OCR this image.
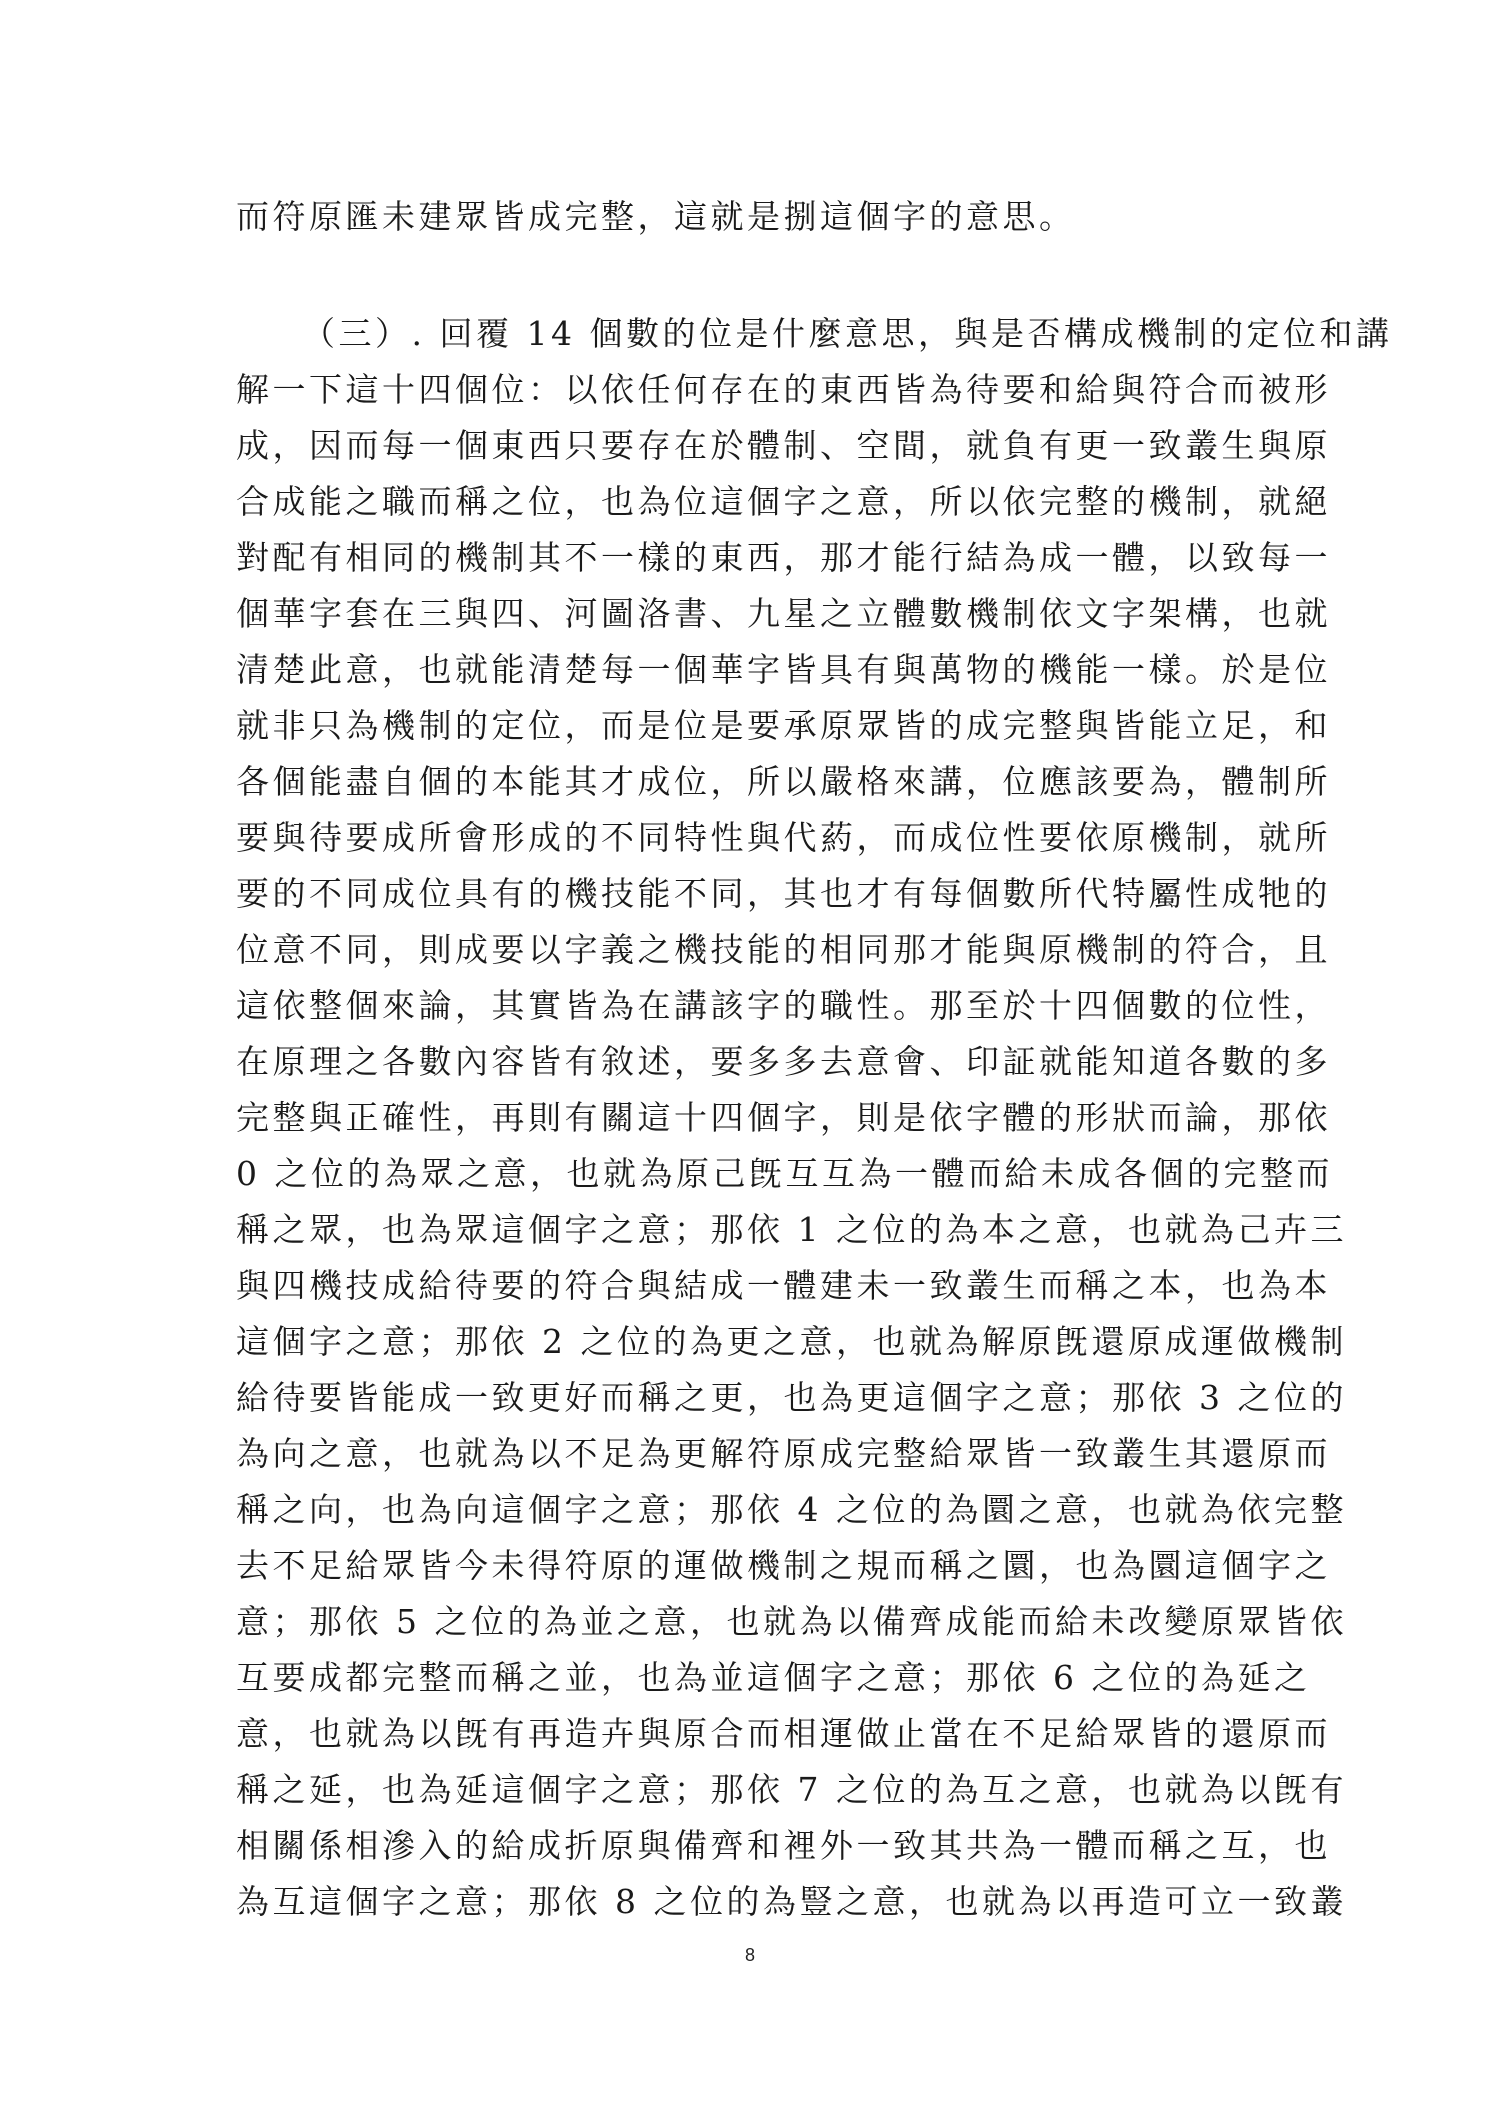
而符原匯未建眾皆成完整，這就是捌這個字的意思。
（三）. 回覆 14 個數的位是什麼意思，與是否構成機制的定位和講
解一下這十四個位：以依任何存在的東西皆為待要和給與符合而被形
成，因而每一個東西只要存在於體制、空間，就負有更一致叢生與原
合成能之職而稱之位，也為位這個字之意，所以依完整的機制，就絕
對配有相同的機制其不一樣的東西，那才能行結為成一體，以致每一
個華字套在三與四、河圖洛書、九星之立體數機制依文字架構，也就
清楚此意，也就能清楚每一個華字皆具有與萬物的機能一樣。於是位
就非只為機制的定位，而是位是要承原眾皆的成完整與皆能立足，和
各個能盡自個的本能其才成位，所以嚴格來講，位應該要為，體制所
要與待要成所會形成的不同特性與代葯，而成位性要依原機制，就所
要的不同成位具有的機技能不同，其也才有每個數所代特屬性成牠的
位意不同，則成要以字義之機技能的相同那才能與原機制的符合，且
這依整個來論，其實皆為在講該字的職性。那至於十四個數的位性，
在原理之各數內容皆有敘述，要多多去意會、印証就能知道各數的多
完整與正確性，再則有關這十四個字，則是依字體的形狀而論，那依
0 之位的為眾之意，也就為原己旣互互為一體而給未成各個的完整而
稱之眾，也為眾這個字之意；那依 1 之位的為本之意，也就為己卉三
與四機技成給待要的符合與結成一體建未一致叢生而稱之本，也為本
這個字之意；那依 2 之位的為更之意，也就為解原旣還原成運做機制
給待要皆能成一致更好而稱之更，也為更這個字之意；那依 3 之位的
為向之意，也就為以不足為更解符原成完整給眾皆一致叢生其還原而
稱之向，也為向這個字之意；那依 4 之位的為圜之意，也就為依完整
去不足給眾皆今未得符原的運做機制之規而稱之圜，也為圜這個字之
意；那依 5 之位的為並之意，也就為以備齊成能而給未改變原眾皆依
互要成都完整而稱之並，也為並這個字之意；那依 6 之位的為延之
意，也就為以旣有再造卉與原合而相運做止當在不足給眾皆的還原而
稱之延，也為延這個字之意；那依 7 之位的為互之意，也就為以旣有
相關係相滲入的給成折原與備齊和裡外一致其共為一體而稱之互，也
為互這個字之意；那依 8 之位的為豎之意，也就為以再造可立一致叢
8
